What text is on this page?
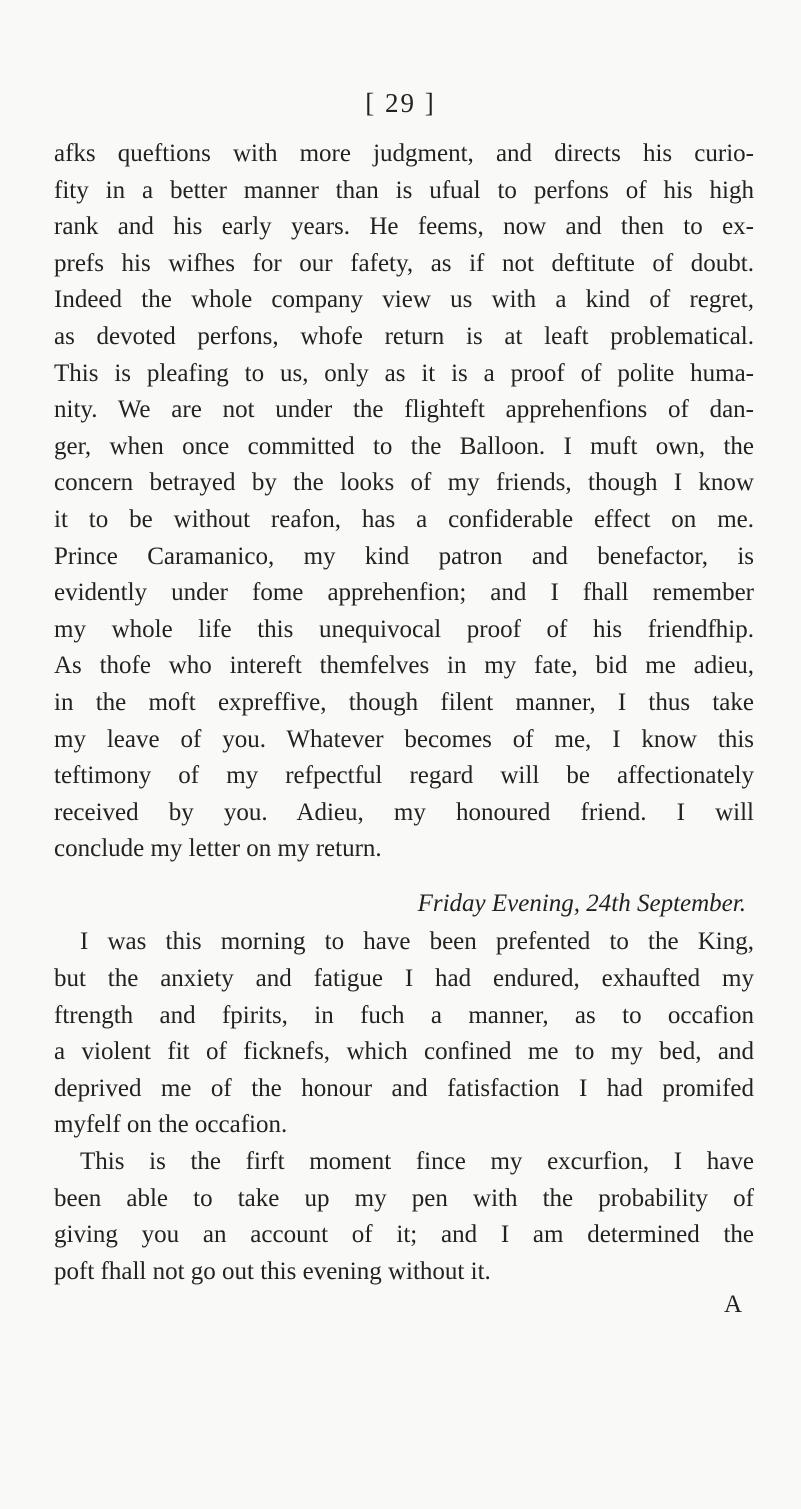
[ 29 ]
afks queftions with more judgment, and directs his curio-
fity in a better manner than is ufual to perfons of his high
rank and his early years. He feems, now and then to ex-
prefs his wifhes for our fafety, as if not deftitute of doubt.
Indeed the whole company view us with a kind of regret,
as devoted perfons, whofe return is at leaft problematical.
This is pleafing to us, only as it is a proof of polite huma-
nity. We are not under the flighteft apprehenfions of dan-
ger, when once committed to the Balloon. I muft own, the
concern betrayed by the looks of my friends, though I know
it to be without reafon, has a confiderable effect on me.
Prince Caramanico, my kind patron and benefactor, is
evidently under fome apprehenfion; and I fhall remember
my whole life this unequivocal proof of his friendfhip.
As thofe who intereft themfelves in my fate, bid me adieu,
in the moft expreffive, though filent manner, I thus take
my leave of you. Whatever becomes of me, I know this
teftimony of my refpectful regard will be affectionately
received by you. Adieu, my honoured friend. I will
conclude my letter on my return.
Friday Evening, 24th September.
I was this morning to have been prefented to the King,
but the anxiety and fatigue I had endured, exhaufted my
ftrength and fpirits, in fuch a manner, as to occafion
a violent fit of ficknefs, which confined me to my bed, and
deprived me of the honour and fatisfaction I had promifed
myfelf on the occafion.
This is the firft moment fince my excurfion, I have
been able to take up my pen with the probability of
giving you an account of it; and I am determined the
poft fhall not go out this evening without it.
A
